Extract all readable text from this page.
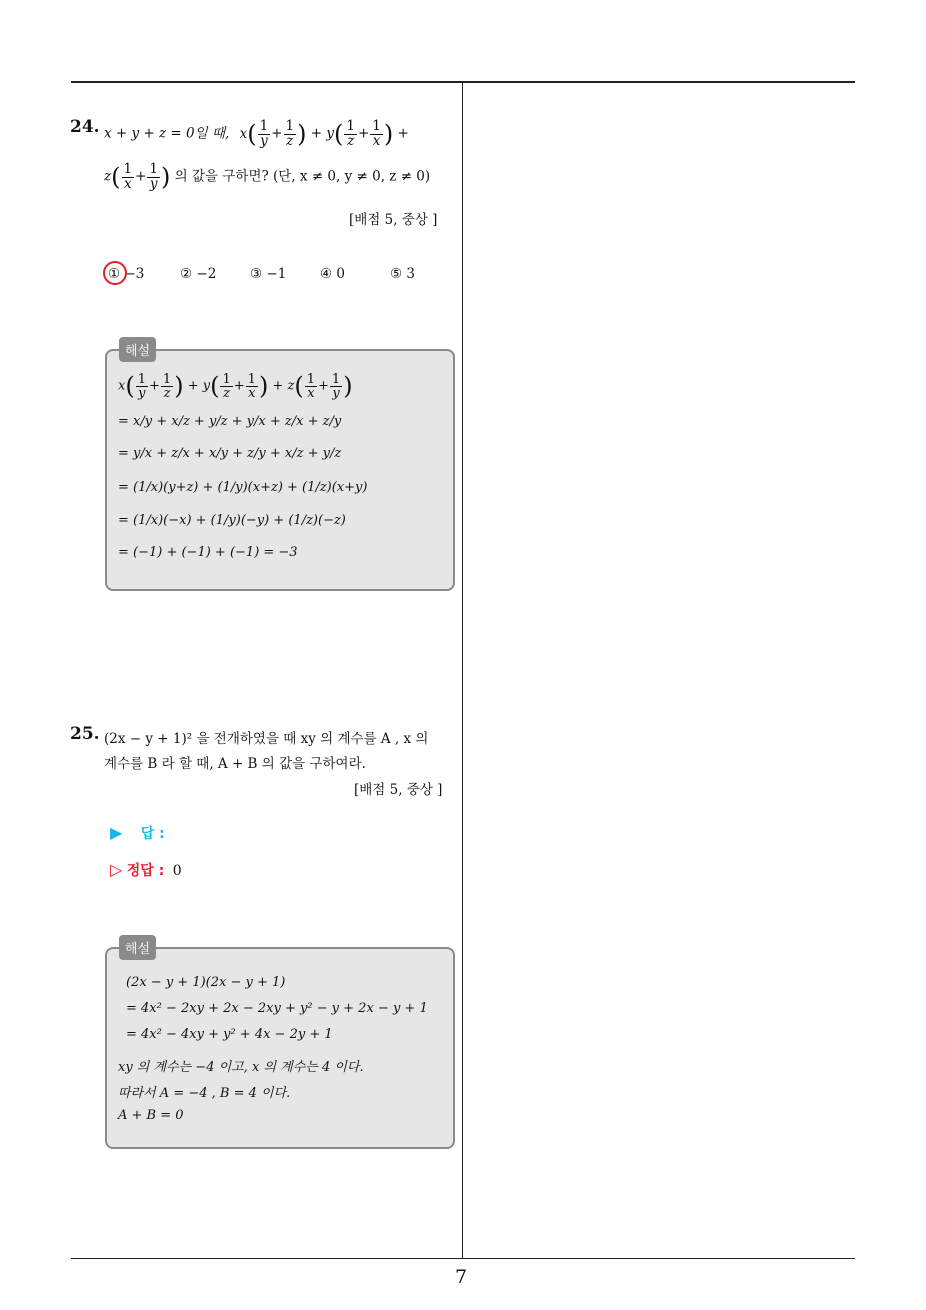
24. x + y + z = 0일 때, $x( \frac{1}{y} + \frac{1}{z}$ ) + $y( \frac{1}{z} + \frac{1}{x}$ ) +
$z( \frac{1}{x} + \frac{1}{y}$ ) 의 값을 구하면? (단, x ≠ 0, y ≠ 0, z ≠ 0)
[배점 5, 중상 ]
① −3	② −2 ③ −1 ④ 0	⑤ 3
해설
$x( \frac{1}{y} + \frac{1}{z}$ ) + $y( \frac{1}{z} + \frac{1}{x}$ ) + $z( \frac{1}{x} + \frac{1}{y}$ )
= x/y + x/z + y/z + y/x + z/x + z/y
= y/x + z/x + x/y + z/y + x/z + y/z
= (1/x)(y+z) + (1/y)(x+z) + (1/z)(x+y)
= (1/x)(−x) + (1/y)(−y) + (1/z)(−z)
= (−1) + (−1) + (−1) = −3
25. (2x − y + 1)² 을 전개하였을 때 xy 의 계수를 A , x 의
계수를 B 라 할 때, A + B 의 값을 구하여라.
[배점 5, 중상 ]
▶ 답 :
▷ 정답 : 0
해설
(2x − y + 1)(2x − y + 1)
= 4x² − 2xy + 2x − 2xy + y² − y + 2x − y + 1
= 4x² − 4xy + y² + 4x − 2y + 1
xy 의 계수는 −4 이고, x 의 계수는 4 이다.
따라서 A = −4 , B = 4 이다.
A + B = 0
7
